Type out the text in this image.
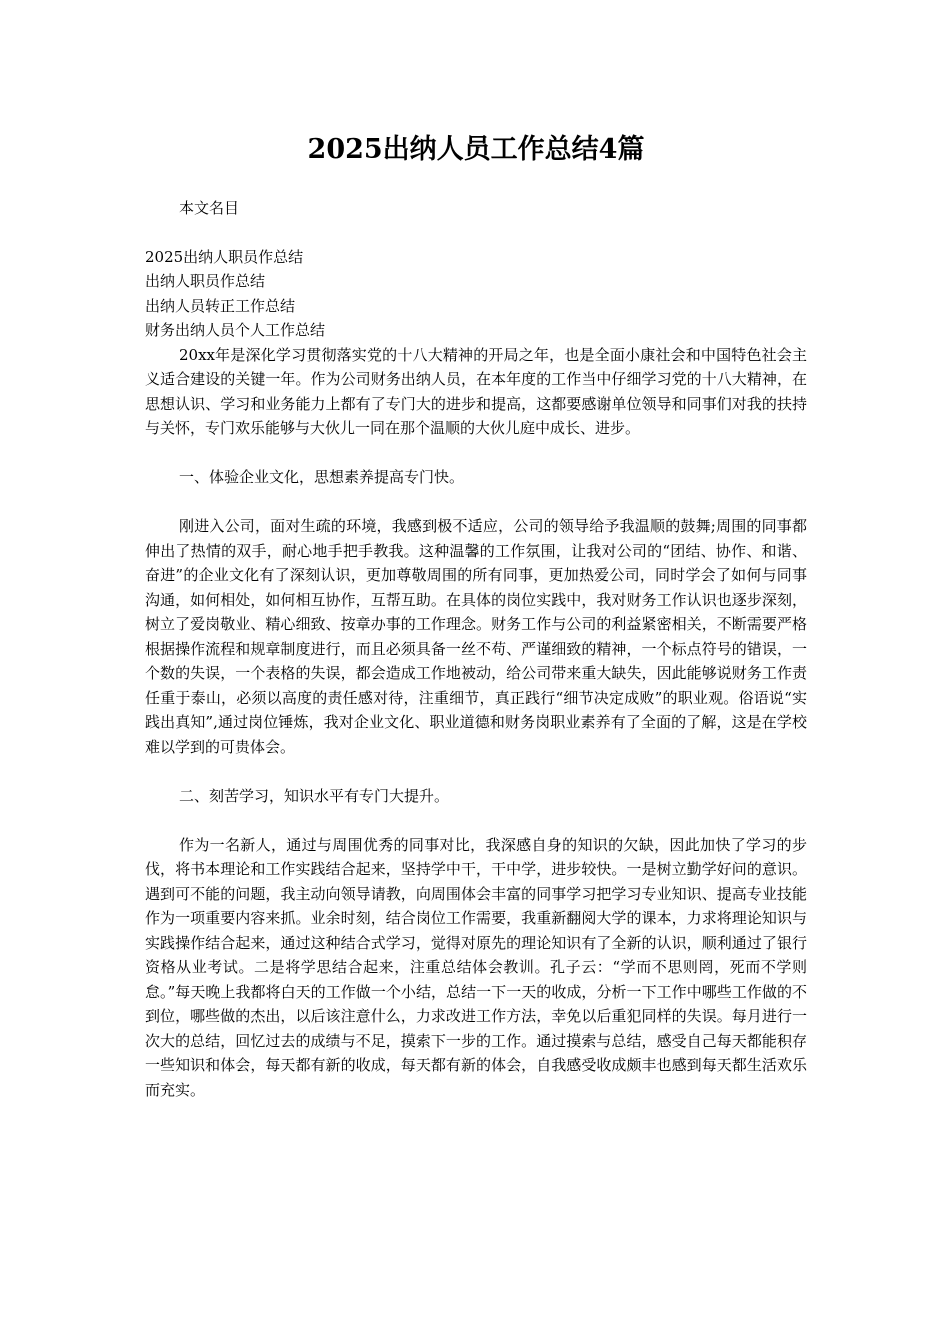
2025出纳人员工作总结4篇

本文名目

2025出纳人职员作总结
出纳人职员作总结
出纳人员转正工作总结
财务出纳人员个人工作总结

20xx年是深化学习贯彻落实党的十八大精神的开局之年，也是全面小康社会和中国特色社会主义适合建设的关键一年。作为公司财务出纳人员，在本年度的工作当中仔细学习党的十八大精神，在思想认识、学习和业务能力上都有了专门大的进步和提高，这都要感谢单位领导和同事们对我的扶持与关怀，专门欢乐能够与大伙儿一同在那个温顺的大伙儿庭中成长、进步。

一、体验企业文化，思想素养提高专门快。

刚进入公司，面对生疏的环境，我感到极不适应，公司的领导给予我温顺的鼓舞;周围的同事都伸出了热情的双手，耐心地手把手教我。这种温馨的工作氛围，让我对公司的“团结、协作、和谐、奋进”的企业文化有了深刻认识，更加尊敬周围的所有同事，更加热爱公司，同时学会了如何与同事沟通，如何相处，如何相互协作，互帮互助。在具体的岗位实践中，我对财务工作认识也逐步深刻，树立了爱岗敬业、精心细致、按章办事的工作理念。财务工作与公司的利益紧密相关，不断需要严格根据操作流程和规章制度进行，而且必须具备一丝不苟、严谨细致的精神，一个标点符号的错误，一个数的失误，一个表格的失误，都会造成工作地被动，给公司带来重大缺失，因此能够说财务工作责任重于泰山，必须以高度的责任感对待，注重细节，真正践行“细节决定成败”的职业观。俗语说“实践出真知”,通过岗位锤炼，我对企业文化、职业道德和财务岗职业素养有了全面的了解，这是在学校难以学到的可贵体会。

二、刻苦学习，知识水平有专门大提升。

作为一名新人，通过与周围优秀的同事对比，我深感自身的知识的欠缺，因此加快了学习的步伐，将书本理论和工作实践结合起来，坚持学中干，干中学，进步较快。一是树立勤学好问的意识。遇到可不能的问题，我主动向领导请教，向周围体会丰富的同事学习把学习专业知识、提高专业技能作为一项重要内容来抓。业余时刻，结合岗位工作需要，我重新翻阅大学的课本，力求将理论知识与实践操作结合起来，通过这种结合式学习，觉得对原先的理论知识有了全新的认识，顺利通过了银行资格从业考试。二是将学思结合起来，注重总结体会教训。孔子云：“学而不思则罔，死而不学则怠。”每天晚上我都将白天的工作做一个小结，总结一下一天的收成，分析一下工作中哪些工作做的不到位，哪些做的杰出，以后该注意什么，力求改进工作方法，幸免以后重犯同样的失误。每月进行一次大的总结，回忆过去的成绩与不足，摸索下一步的工作。通过摸索与总结，感受自己每天都能积存一些知识和体会，每天都有新的收成，每天都有新的体会，自我感受收成颇丰也感到每天都生活欢乐而充实。
